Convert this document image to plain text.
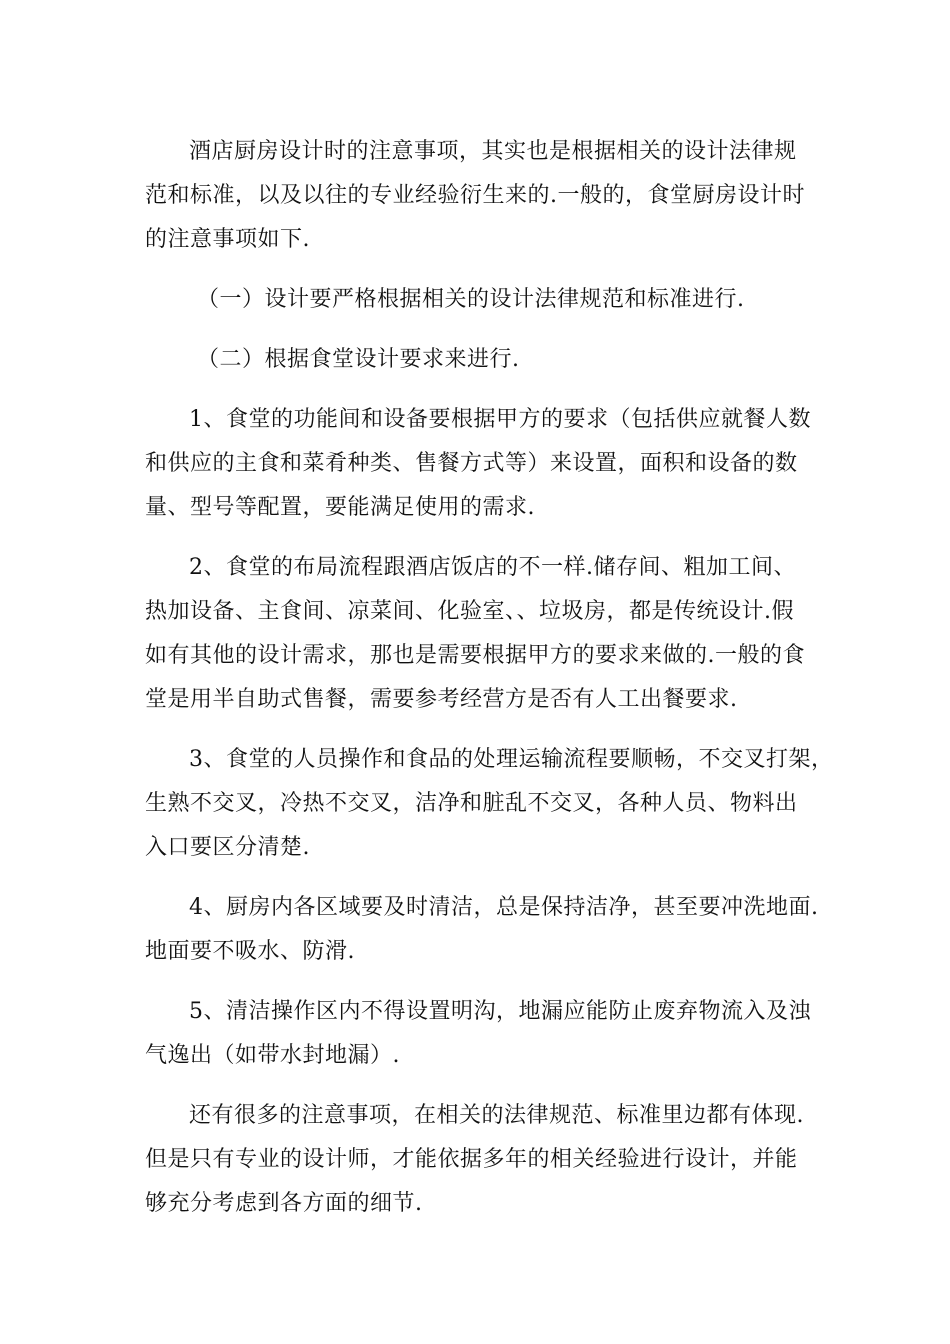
酒店厨房设计时的注意事项，其实也是根据相关的设计法律规
范和标准，以及以往的专业经验衍生来的.一般的，食堂厨房设计时
的注意事项如下.
（一）设计要严格根据相关的设计法律规范和标准进行.
（二）根据食堂设计要求来进行.
1、食堂的功能间和设备要根据甲方的要求（包括供应就餐人数
和供应的主食和菜肴种类、售餐方式等）来设置，面积和设备的数
量、型号等配置，要能满足使用的需求.
2、食堂的布局流程跟酒店饭店的不一样.储存间、粗加工间、
热加设备、主食间、凉菜间、化验室、、垃圾房，都是传统设计.假
如有其他的设计需求，那也是需要根据甲方的要求来做的.一般的食
堂是用半自助式售餐，需要参考经营方是否有人工出餐要求.
3、食堂的人员操作和食品的处理运输流程要顺畅，不交叉打架，
生熟不交叉，冷热不交叉，洁净和脏乱不交叉，各种人员、物料出
入口要区分清楚.
4、厨房内各区域要及时清洁，总是保持洁净，甚至要冲洗地面.
地面要不吸水、防滑.
5、清洁操作区内不得设置明沟，地漏应能防止废弃物流入及浊
气逸出（如带水封地漏）.
还有很多的注意事项，在相关的法律规范、标准里边都有体现.
但是只有专业的设计师，才能依据多年的相关经验进行设计，并能
够充分考虑到各方面的细节.
